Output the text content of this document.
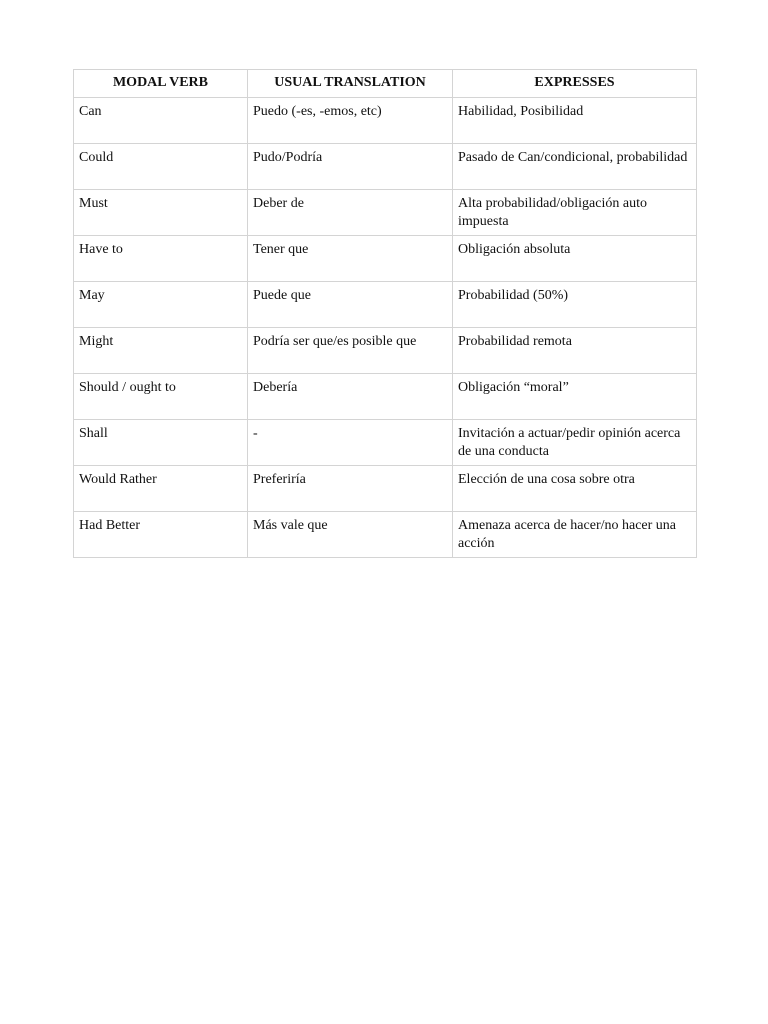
MODAL VERB	USUAL TRANSLATION	EXPRESSES
Can	Puedo (-es, -emos, etc)	Habilidad, Posibilidad
Could	Pudo/Podría	Pasado de Can/condicional, probabilidad
Must	Deber de	Alta probabilidad/obligación auto impuesta
Have to	Tener que	Obligación absoluta
May	Puede que	Probabilidad (50%)
Might	Podría ser que/es posible que	Probabilidad remota
Should / ought to	Debería	Obligación “moral”
Shall	-	Invitación a actuar/pedir opinión acerca de una conducta
Would Rather	Preferiría	Elección de una cosa sobre otra
Had Better	Más vale que	Amenaza acerca de hacer/no hacer una acción
